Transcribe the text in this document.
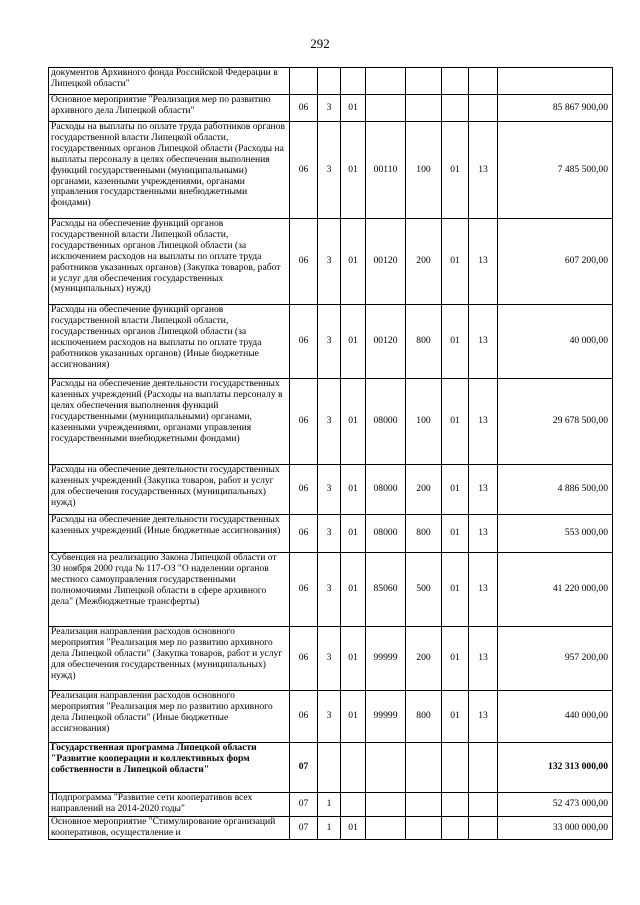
292
документов Архивного фонда Российской Федерации в Липецкой области"								
Основное мероприятие "Реализация мер по развитию архивного дела Липецкой области"	06	3	01					85 867 900,00
Расходы на выплаты по оплате труда работников органов государственной власти Липецкой области, государственных органов Липецкой области (Расходы на выплаты персоналу в целях обеспечения выполнения функций государственными (муниципальными) органами, казенными учреждениями, органами управления государственными внебюджетными фондами)	06	3	01	00110	100	01	13	7 485 500,00
Расходы на обеспечение функций органов государственной власти Липецкой области, государственных органов Липецкой области (за исключением расходов на выплаты по оплате труда работников указанных органов) (Закупка товаров, работ и услуг для обеспечения государственных (муниципальных) нужд)	06	3	01	00120	200	01	13	607 200,00
Расходы на обеспечение функций органов государственной власти Липецкой области, государственных органов Липецкой области (за исключением расходов на выплаты по оплате труда работников указанных органов) (Иные бюджетные ассигнования)	06	3	01	00120	800	01	13	40 000,00
Расходы на обеспечение деятельности государственных казенных учреждений (Расходы на выплаты персоналу в целях обеспечения выполнения функций государственными (муниципальными) органами, казенными учреждениями, органами управления государственными внебюджетными фондами)	06	3	01	08000	100	01	13	29 678 500,00
Расходы на обеспечение деятельности государственных казенных учреждений (Закупка товаров, работ и услуг для обеспечения государственных (муниципальных) нужд)	06	3	01	08000	200	01	13	4 886 500,00
Расходы на обеспечение деятельности государственных казенных учреждений (Иные бюджетные ассигнования)	06	3	01	08000	800	01	13	553 000,00
Субвенция на реализацию Закона Липецкой области от 30 ноября 2000 года № 117-ОЗ "О наделении органов местного самоуправления государственными полномочиями Липецкой области в сфере архивного дела" (Межбюджетные трансферты)	06	3	01	85060	500	01	13	41 220 000,00
Реализация направления расходов основного мероприятия "Реализация мер по развитию архивного дела Липецкой области" (Закупка товаров, работ и услуг для обеспечения государственных (муниципальных) нужд)	06	3	01	99999	200	01	13	957 200,00
Реализация направления расходов основного мероприятия "Реализация мер по развитию архивного дела Липецкой области" (Иные бюджетные ассигнования)	06	3	01	99999	800	01	13	440 000,00
Государственная программа Липецкой области "Развитие кооперации и коллективных форм собственности в Липецкой области"	07							132 313 000,00
Подпрограмма "Развитие сети кооперативов всех направлений на 2014-2020 годы"	07	1						52 473 000,00
Основное мероприятие "Стимулирование организаций кооперативов, осуществление и	07	1	01					33 000 000,00
